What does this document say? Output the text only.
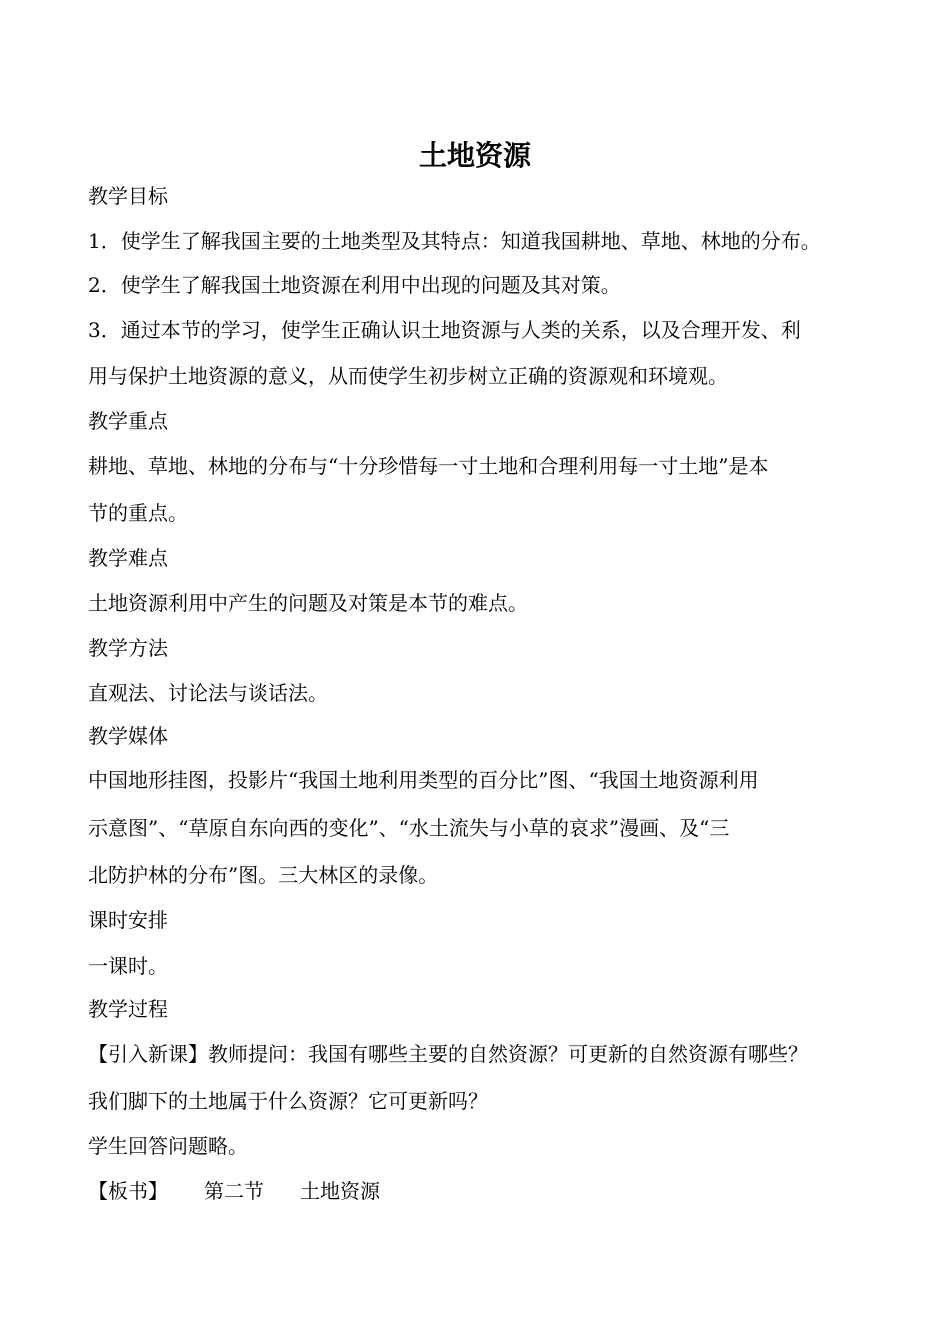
土地资源
教学目标
1．使学生了解我国主要的土地类型及其特点：知道我国耕地、草地、林地的分布。
2．使学生了解我国土地资源在利用中出现的问题及其对策。
3．通过本节的学习，使学生正确认识土地资源与人类的关系，以及合理开发、利
用与保护土地资源的意义，从而使学生初步树立正确的资源观和环境观。
教学重点
耕地、草地、林地的分布与“十分珍惜每一寸土地和合理利用每一寸土地”是本
节的重点。
教学难点
土地资源利用中产生的问题及对策是本节的难点。
教学方法
直观法、讨论法与谈话法。
教学媒体
中国地形挂图，投影片“我国土地利用类型的百分比”图、“我国土地资源利用
示意图”、“草原自东向西的变化”、“水土流失与小草的哀求”漫画、及“三
北防护林的分布”图。三大林区的录像。
课时安排
一课时。
教学过程
【引入新课】教师提问：我国有哪些主要的自然资源？可更新的自然资源有哪些？
我们脚下的土地属于什么资源？它可更新吗？
学生回答问题略。
【板书】 第二节 土地资源
